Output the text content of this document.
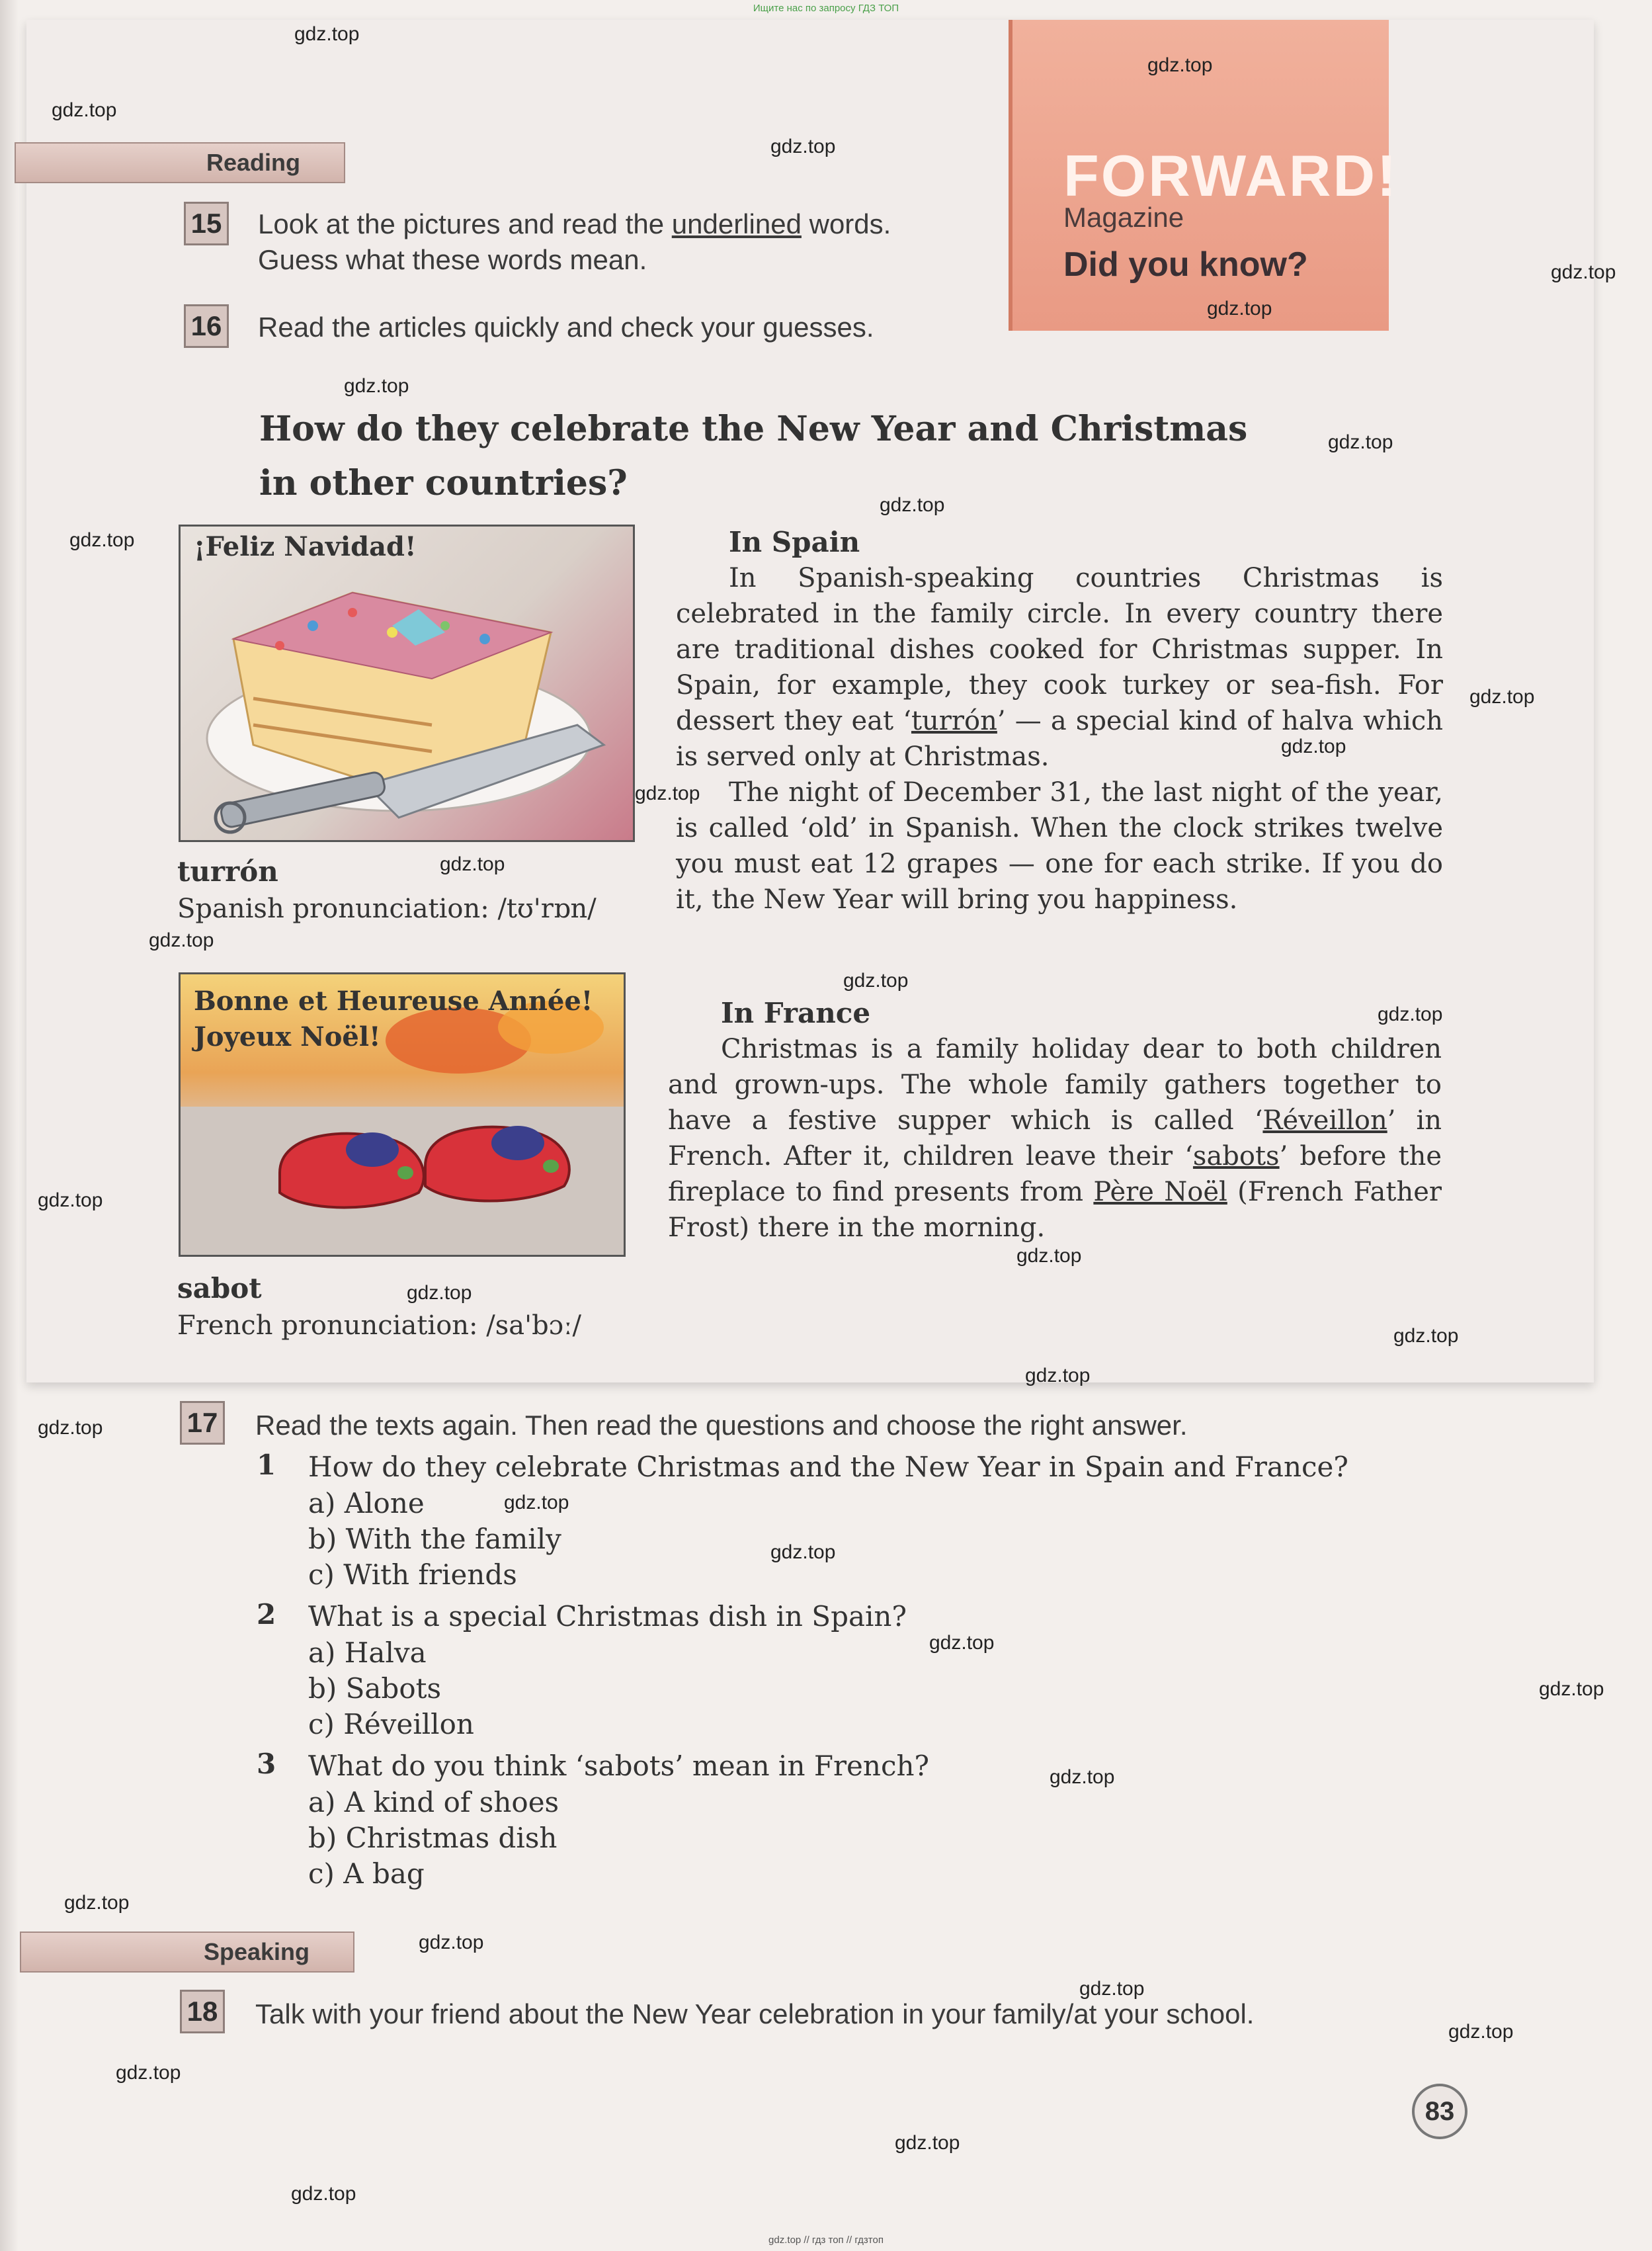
Ищите нас по запросу ГДЗ ТОП
FORWARD!
Magazine
Did you know?
Reading
15 Look at the pictures and read the underlined words.
Guess what these words mean.
16 Read the articles quickly and check your guesses.
How do they celebrate the New Year and Christmas
in other countries?
¡Feliz Navidad!
turrón
Spanish pronunciation: /tʊ'rɒn/
In Spain

In Spanish-speaking countries Christmas is celebrated in the family circle. In every country there are traditional dishes cooked for Christmas supper. In Spain, for example, they cook turkey or sea-fish. For dessert they eat ‘turrón’ — a special kind of halva which is served only at Christmas.

The night of December 31, the last night of the year, is called ‘old’ in Spanish. When the clock strikes twelve you must eat 12 grapes — one for each strike. If you do it, the New Year will bring you happiness.

Bonne et Heureuse Année!
Joyeux Noël!
sabot
French pronunciation: /sa'bɔː/
In France

Christmas is a family holiday dear to both children and grown-ups. The whole family gathers together to have a festive supper which is called ‘Réveillon’ in French. After it, children leave their ‘sabots’ before the fireplace to find presents from Père Noël (French Father Frost) there in the morning.

17 Read the texts again. Then read the questions and choose the right answer.
1 How do they celebrate Christmas and the New Year in Spain and France?
a) Alone
b) With the family
c) With friends
2 What is a special Christmas dish in Spain?
a) Halva
b) Sabots
c) Réveillon
3 What do you think ‘sabots’ mean in French?
a) A kind of shoes
b) Christmas dish
c) A bag
Speaking
18 Talk with your friend about the New Year celebration in your family/at your school.
83
gdz.top
gdz.top
gdz.top
gdz.top
gdz.top
gdz.top
gdz.top
gdz.top
gdz.top
gdz.top
gdz.top
gdz.top
gdz.top
gdz.top
gdz.top
gdz.top
gdz.top
gdz.top
gdz.top
gdz.top
gdz.top
gdz.top
gdz.top
gdz.top
gdz.top
gdz.top
gdz.top
gdz.top
gdz.top
gdz.top
gdz.top
gdz.top
gdz.top
gdz.top
gdz.top
gdz.top // гдз топ // гдзтоп
